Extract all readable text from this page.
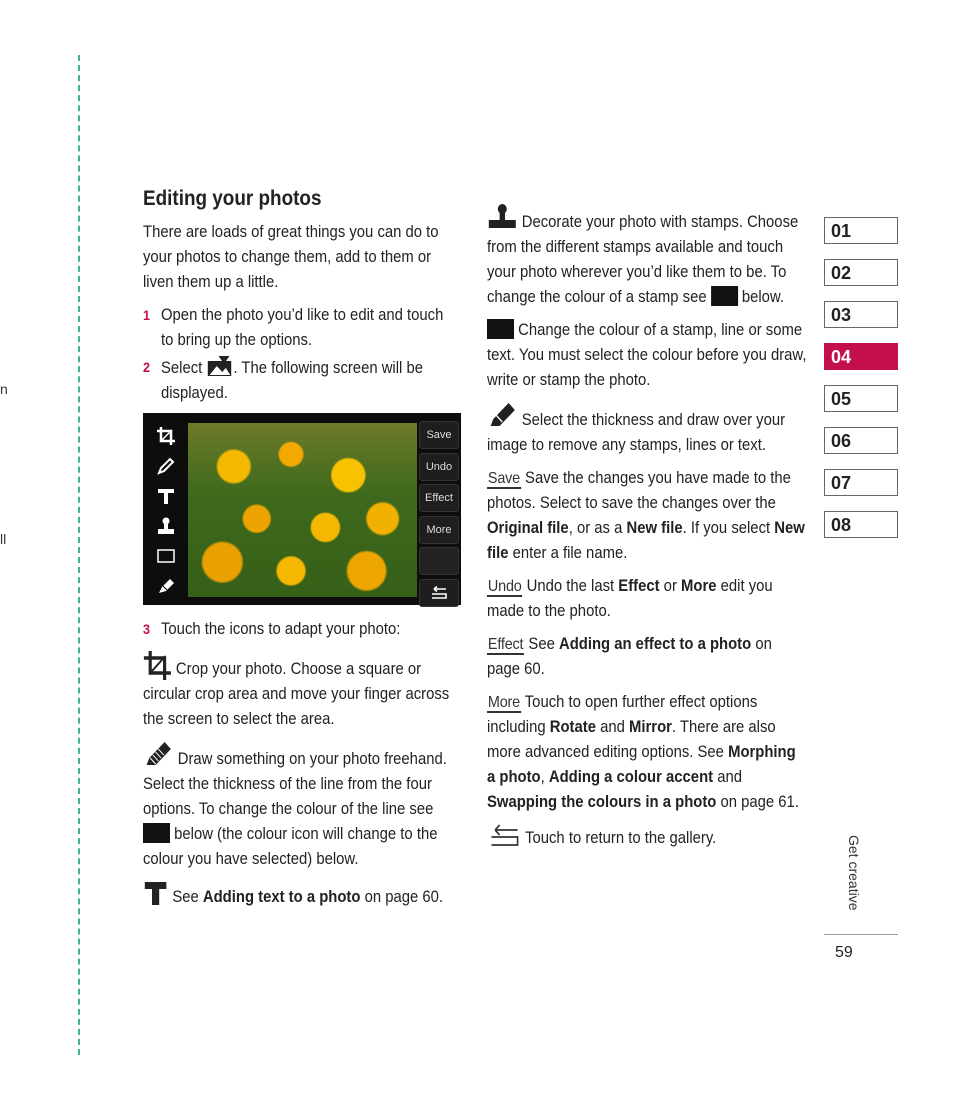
n
ll
Editing your photos

There are loads of great things you can do to your photos to change them, add to them or liven them up a little.

1 Open the photo you’d like to edit and touch to bring up the options.
2 Select . The following screen will be displayed.
Save
Undo
Effect
More
3 Touch the icons to adapt your photo:

Crop your photo. Choose a square or circular crop area and move your finger across the screen to select the area.

Draw something on your photo freehand. Select the thickness of the line from the four options. To change the colour of the line see  below (the colour icon will change to the colour you have selected) below.

See Adding text to a photo on page 60.

Decorate your photo with stamps. Choose from the different stamps available and touch your photo wherever you’d like them to be. To change the colour of a stamp see below.

Change the colour of a stamp, line or some text. You must select the colour before you draw, write or stamp the photo.

Select the thickness and draw over your image to remove any stamps, lines or text.

Save Save the changes you have made to the photos. Select to save the changes over the Original file, or as a New file. If you select New file enter a file name.

Undo Undo the last Effect or More edit you made to the photo.

Effect See Adding an effect to a photo on page 60.

More Touch to open further effect options including Rotate and Mirror. There are also more advanced editing options. See Morphing a photo, Adding a colour accent and Swapping the colours in a photo on page 61.

Touch to return to the gallery.

01
02
03
04
05
06
07
08
Get creative
59
